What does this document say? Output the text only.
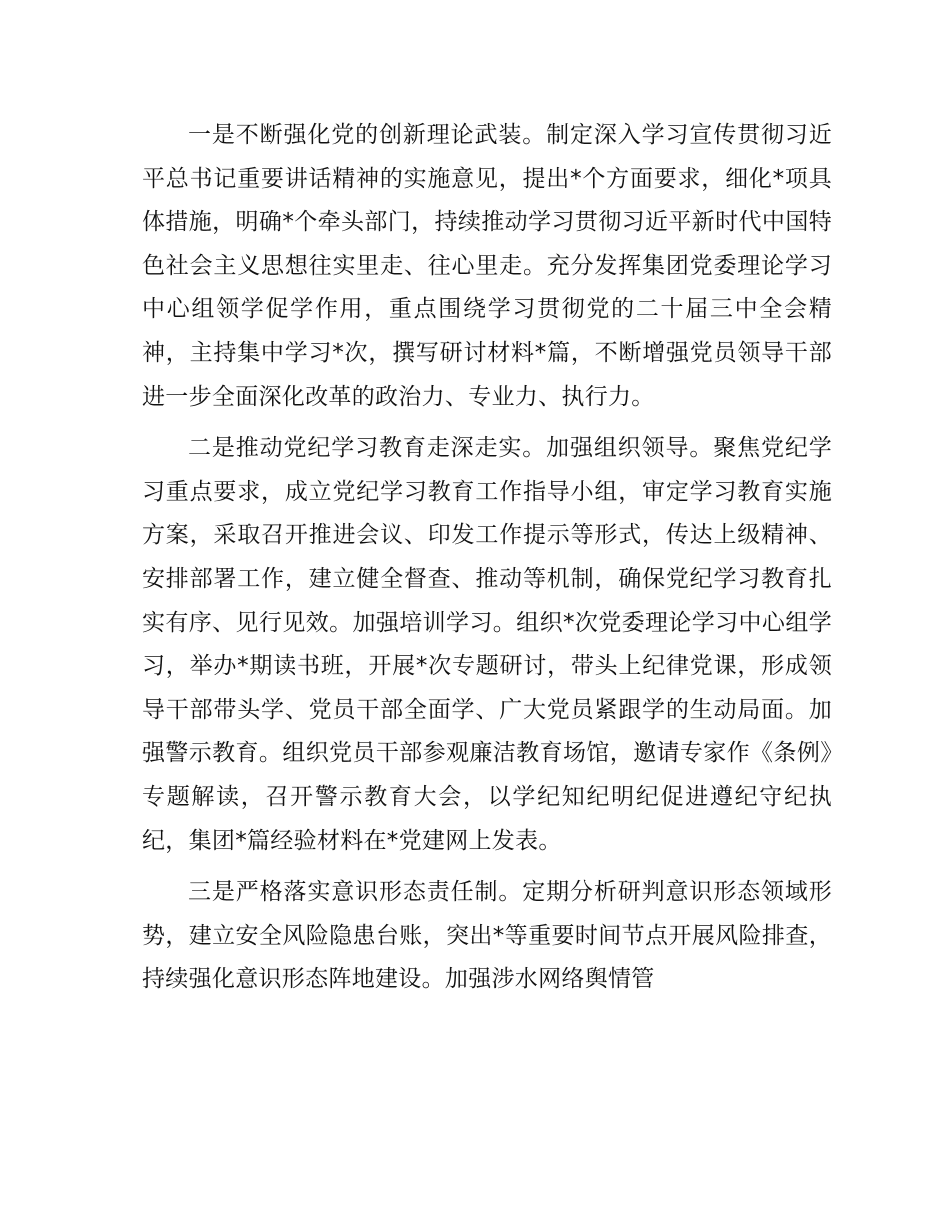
一是不断强化党的创新理论武装。制定深入学习宣传贯彻习近平总书记重要讲话精神的实施意见，提出*个方面要求，细化*项具体措施，明确*个牵头部门，持续推动学习贯彻习近平新时代中国特色社会主义思想往实里走、往心里走。充分发挥集团党委理论学习中心组领学促学作用，重点围绕学习贯彻党的二十届三中全会精神，主持集中学习*次，撰写研讨材料*篇，不断增强党员领导干部进一步全面深化改革的政治力、专业力、执行力。

二是推动党纪学习教育走深走实。加强组织领导。聚焦党纪学习重点要求，成立党纪学习教育工作指导小组，审定学习教育实施方案，采取召开推进会议、印发工作提示等形式，传达上级精神、安排部署工作，建立健全督查、推动等机制，确保党纪学习教育扎实有序、见行见效。加强培训学习。组织*次党委理论学习中心组学习，举办*期读书班，开展*次专题研讨，带头上纪律党课，形成领导干部带头学、党员干部全面学、广大党员紧跟学的生动局面。加强警示教育。组织党员干部参观廉洁教育场馆，邀请专家作《条例》专题解读，召开警示教育大会，以学纪知纪明纪促进遵纪守纪执纪，集团*篇经验材料在*党建网上发表。

三是严格落实意识形态责任制。定期分析研判意识形态领域形势，建立安全风险隐患台账，突出*等重要时间节点开展风险排查，持续强化意识形态阵地建设。加强涉水网络舆情管
